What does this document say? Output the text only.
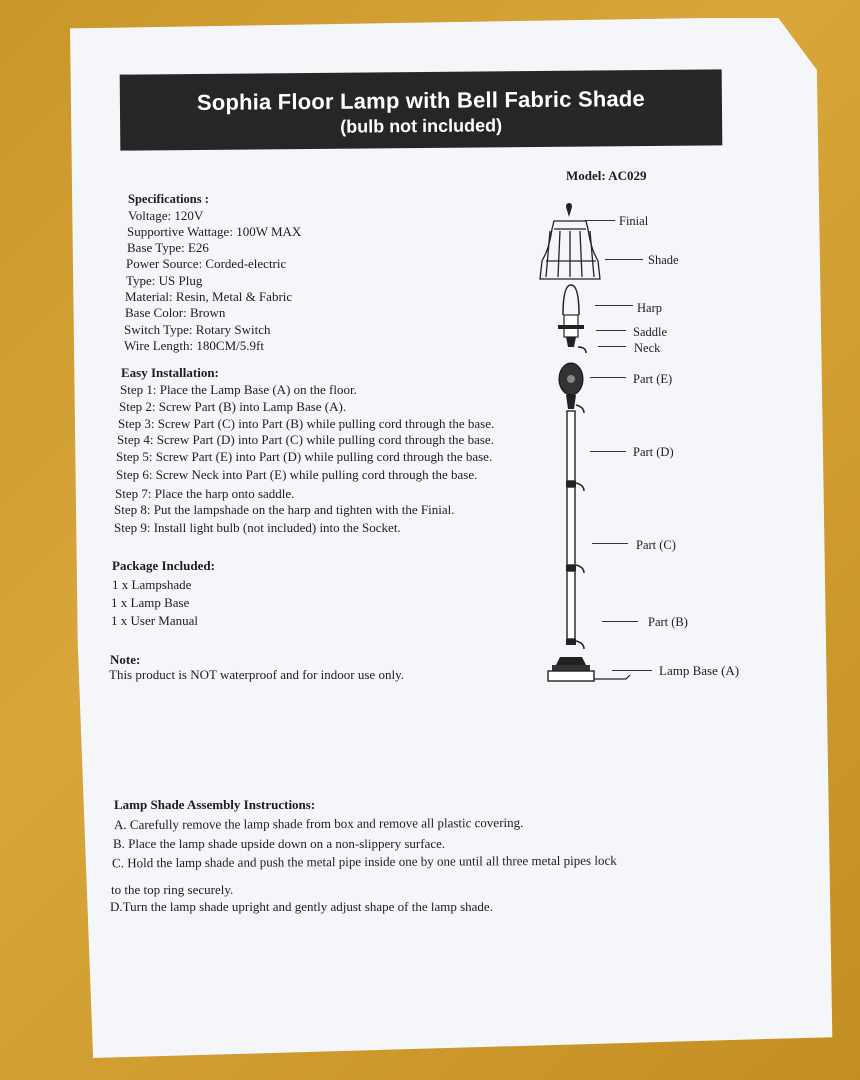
Sophia Floor Lamp with Bell Fabric Shade
(bulb not included)
Model: AC029
Specifications :
Voltage: 120V
Supportive Wattage: 100W MAX
Base Type: E26
Power Source: Corded-electric
Type: US Plug
Material: Resin, Metal & Fabric
Base Color: Brown
Switch Type: Rotary Switch
Wire Length: 180CM/5.9ft
Easy Installation:
Step 1: Place the Lamp Base (A) on the floor.
Step 2: Screw Part (B) into Lamp Base (A).
Step 3: Screw Part (C) into Part (B) while pulling cord through the base.
Step 4: Screw Part (D) into Part (C) while pulling cord through the base.
Step 5: Screw Part (E) into Part (D) while pulling cord through the base.
Step 6: Screw Neck into Part (E) while pulling cord through the base.
Step 7: Place the harp onto saddle.
Step 8: Put the lampshade on the harp and tighten with the Finial.
Step 9: Install light bulb (not included) into the Socket.
Package Included:
1 x Lampshade
1 x Lamp Base
1 x User Manual
Note:
This product is NOT waterproof and for indoor use only.
Finial
Shade
Harp
Saddle
Neck
Part (E)
Part (D)
Part (C)
Part (B)
Lamp Base (A)
Lamp Shade Assembly Instructions:
A. Carefully remove the lamp shade from box and remove all plastic covering.
B. Place the lamp shade upside down on a non-slippery surface.
C. Hold the lamp shade and push the metal pipe inside one by one until all three metal pipes lock
to the top ring securely.
D.Turn the lamp shade upright and gently adjust shape of the lamp shade.
